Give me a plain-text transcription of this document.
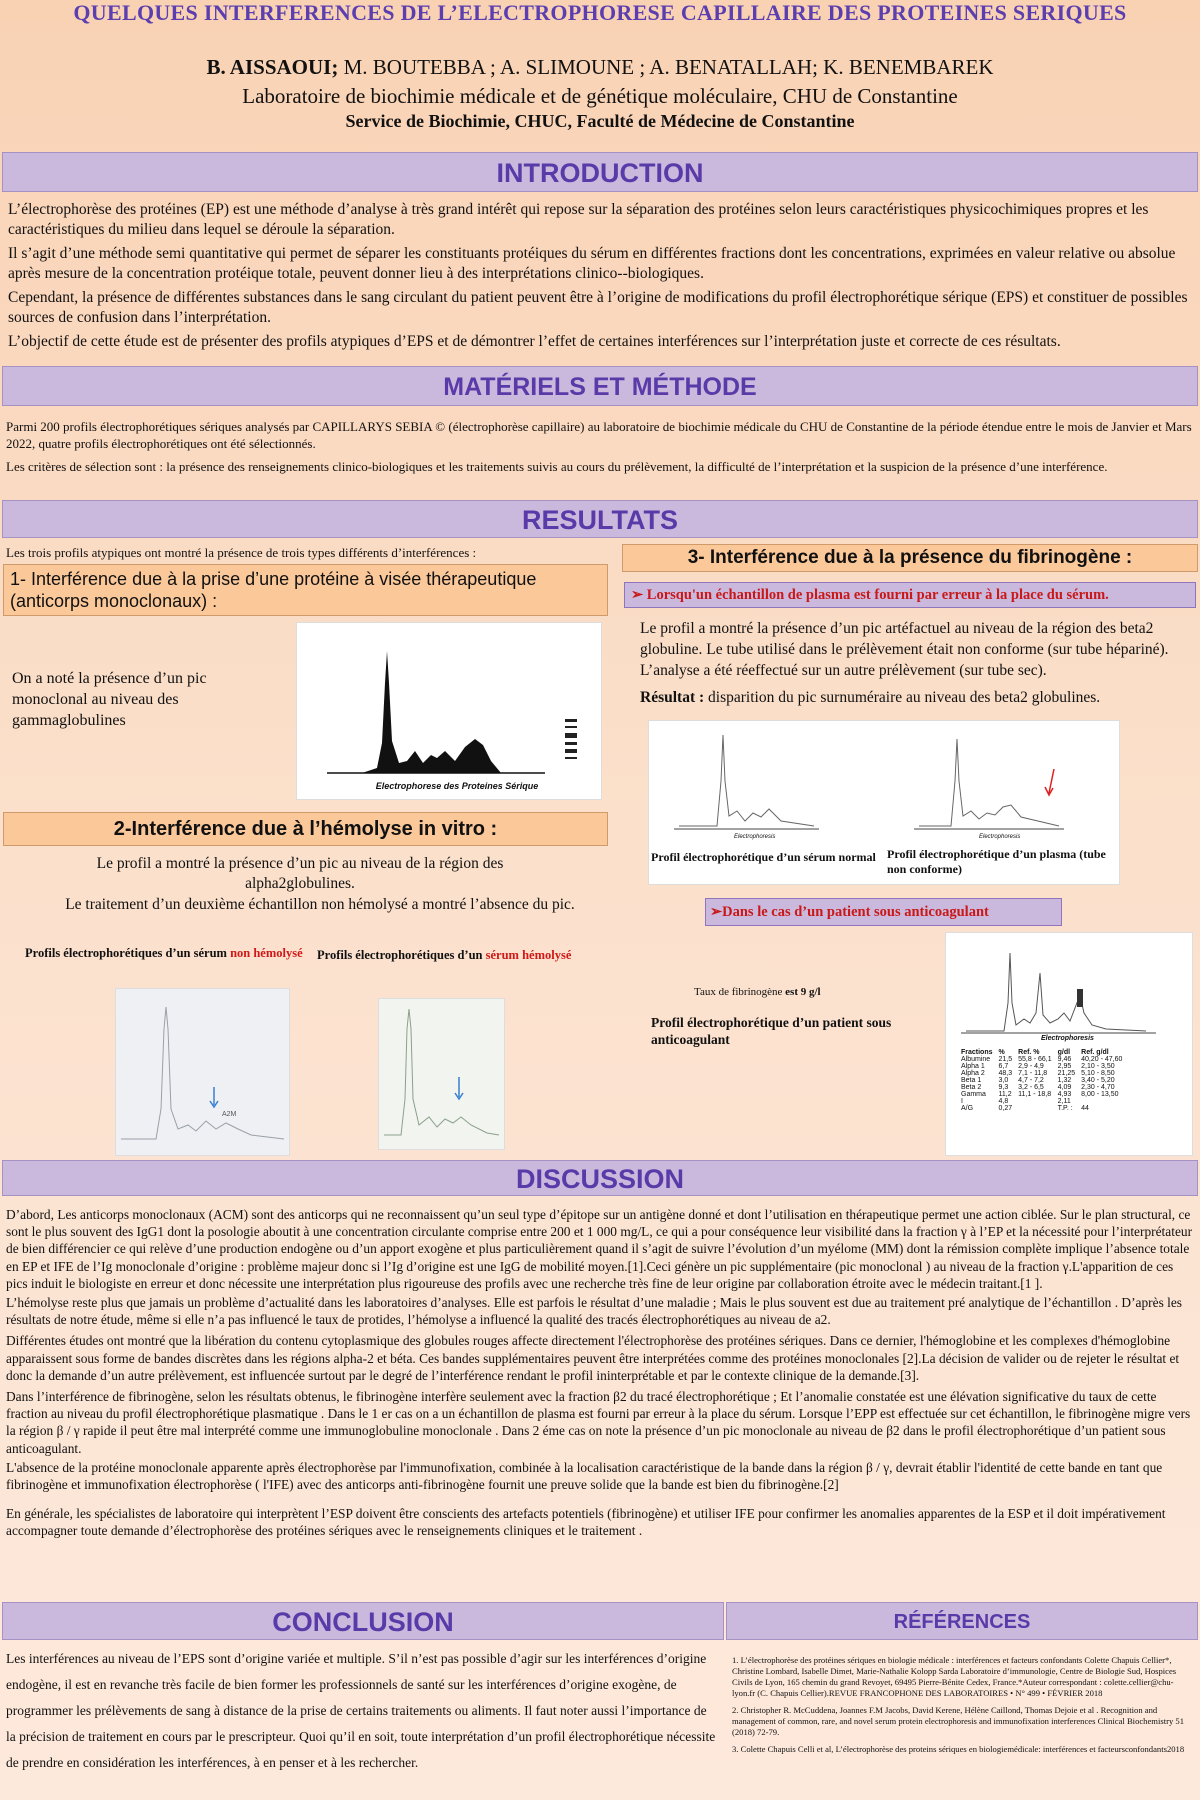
QUELQUES INTERFERENCES DE L’ELECTROPHORESE CAPILLAIRE DES PROTEINES SERIQUES
B. AISSAOUI; M. BOUTEBBA ; A. SLIMOUNE ; A. BENATALLAH; K. BENEMBAREK
Laboratoire de biochimie médicale et de génétique moléculaire, CHU de Constantine
Service de Biochimie, CHUC, Faculté de Médecine de Constantine
INTRODUCTION

L’électrophorèse des protéines (EP) est une méthode d’analyse à très grand intérêt qui repose sur la séparation des protéines selon leurs caractéristiques physicochimiques propres et les caractéristiques du milieu dans lequel se déroule la séparation.

Il s’agit d’une méthode semi quantitative qui permet de séparer les constituants protéiques du sérum en différentes fractions dont les concentrations, exprimées en valeur relative ou absolue après mesure de la concentration protéique totale, peuvent donner lieu à des interprétations clinico--biologiques.

Cependant, la présence de différentes substances dans le sang circulant du patient peuvent être à l’origine de modifications du profil électrophorétique sérique (EPS) et constituer de possibles sources de confusion dans l’interprétation.

L’objectif de cette étude est de présenter des profils atypiques d’EPS et de démontrer l’effet de certaines interférences sur l’interprétation juste et correcte de ces résultats.

MATÉRIELS ET MÉTHODE

Parmi 200 profils électrophorétiques sériques analysés par CAPILLARYS SEBIA © (électrophorèse capillaire) au laboratoire de biochimie médicale du CHU de Constantine de la période étendue entre le mois de Janvier et Mars 2022, quatre profils électrophorétiques ont été sélectionnés.

Les critères de sélection sont : la présence des renseignements clinico-biologiques et les traitements suivis au cours du prélèvement, la difficulté de l’interprétation et la suspicion de la présence d’une interférence.

RESULTATS
Les trois profils atypiques ont montré la présence de trois types différents d’interférences :
1- Interférence due à la prise d’une protéine à visée thérapeutique (anticorps monoclonaux) :
On a noté la présence d’un pic monoclonal au niveau des gammaglobulines
Electrophorese des Proteines Sérique
2-Interférence due à l’hémolyse in vitro :
Le profil a montré la présence d’un pic au niveau de la région des alpha2globulines.
Le traitement d’un deuxième échantillon non hémolysé a montré l’absence du pic.
Profils électrophorétiques d’un sérum non hémolysé Profils électrophorétiques d’un sérum hémolysé
A2M
3- Interférence due à la présence du fibrinogène :
➢ Lorsqu'un échantillon de plasma est fourni par erreur à la place du sérum.
Le profil a montré la présence d’un pic artéfactuel au niveau de la région des beta2 globuline. Le tube utilisé dans le prélèvement était non conforme (sur tube hépariné). L’analyse a été réeffectué sur un autre prélèvement (sur tube sec).
Résultat : disparition du pic surnuméraire au niveau des beta2 globulines.
Electrophoresis	Electrophoresis
Profil électrophorétique d’un sérum normal Profil électrophorétique d’un plasma (tube non conforme)
➢Dans le cas d’un patient sous anticoagulant
Taux de fibrinogène est 9 g/l
Profil électrophorétique d’un patient sous anticoagulant	Electrophoresis
Fractions	%	Ref. %	g/dl	Ref. g/dl
Albumine	21,5	55,8 - 66,1	9,46	40,20 - 47,60
Alpha 1	6,7	2,9 - 4,9	2,95	2,10 - 3,50
Alpha 2	48,3	7,1 - 11,8	21,25	5,10 - 8,50
Beta 1	3,0	4,7 - 7,2	1,32	3,40 - 5,20
Beta 2	9,3	3,2 - 6,5	4,09	2,30 - 4,70
Gamma	11,2	11,1 - 18,8	4,93	8,00 - 13,50
I	4,8		2,11	
A/G	0,27		T.P. :	44
DISCUSSION

D’abord, Les anticorps monoclonaux (ACM) sont des anticorps qui ne reconnaissent qu’un seul type d’épitope sur un antigène donné et dont l’utilisation en thérapeutique permet une action ciblée. Sur le plan structural, ce sont le plus souvent des IgG1 dont la posologie aboutit à une concentration circulante comprise entre 200 et 1 000 mg/L, ce qui a pour conséquence leur visibilité dans la fraction γ à l’EP et la nécessité pour l’interprétateur de bien différencier ce qui relève d’une production endogène ou d’un apport exogène et plus particulièrement quand il s’agit de suivre l’évolution d’un myélome (MM) dont la rémission complète implique l’absence totale en EP et IFE de l’Ig monoclonale d’origine : problème majeur donc si l’Ig d’origine est une IgG de mobilité moyen.[1].Ceci génère un pic supplémentaire (pic monoclonal ) au niveau de la fraction γ.L'apparition de ces pics induit le biologiste en erreur et donc nécessite une interprétation plus rigoureuse des profils avec une recherche très fine de leur origine par collaboration étroite avec le médecin traitant.[1 ].

L’hémolyse reste plus que jamais un problème d’actualité dans les laboratoires d’analyses. Elle est parfois le résultat d’une maladie ; Mais le plus souvent est due au traitement pré analytique de l’échantillon . D’après les résultats de notre étude, même si elle n’a pas influencé le taux de protides, l’hémolyse a influencé la qualité des tracés électrophorétiques au niveau de a2.

Différentes études ont montré que la libération du contenu cytoplasmique des globules rouges affecte directement l'électrophorèse des protéines sériques. Dans ce dernier, l'hémoglobine et les complexes d'hémoglobine apparaissent sous forme de bandes discrètes dans les régions alpha-2 et béta. Ces bandes supplémentaires peuvent être interprétées comme des protéines monoclonales [2].La décision de valider ou de rejeter le résultat et donc la demande d’un autre prélèvement, est influencée surtout par le degré de l’interférence rendant le profil ininterprétable et par le contexte clinique de la demande.[3].

Dans l’interférence de fibrinogène, selon les résultats obtenus, le fibrinogène interfère seulement avec la fraction β2 du tracé électrophorétique ; Et l’anomalie constatée est une élévation significative du taux de cette fraction au niveau du profil électrophorétique plasmatique . Dans le 1 er cas on a un échantillon de plasma est fourni par erreur à la place du sérum. Lorsque l’EPP est effectuée sur cet échantillon, le fibrinogène migre vers la région β / γ rapide il peut être mal interprété comme une immunoglobuline monoclonale . Dans 2 éme cas on note la présence d’un pic monoclonale au niveau de β2 dans le profil électrophorétique d’un patient sous anticoagulant.

L'absence de la protéine monoclonale apparente après électrophorèse par l'immunofixation, combinée à la localisation caractéristique de la bande dans la région β / γ, devrait établir l'identité de cette bande en tant que fibrinogène et immunofixation électrophorèse ( l'IFE) avec des anticorps anti-fibrinogène fournit une preuve solide que la bande est bien du fibrinogène.[2]

En générale, les spécialistes de laboratoire qui interprètent l’ESP doivent être conscients des artefacts potentiels (fibrinogène) et utiliser IFE pour confirmer les anomalies apparentes de la ESP et il doit impérativement accompagner toute demande d’électrophorèse des protéines sériques avec le renseignements cliniques et le traitement .

CONCLUSION
Les interférences au niveau de l’EPS sont d’origine variée et multiple. S’il n’est pas possible d’agir sur les interférences d’origine endogène, il est en revanche très facile de bien former les professionnels de santé sur les interférences d’origine exogène, de programmer les prélèvements de sang à distance de la prise de certains traitements ou aliments. Il faut noter aussi l’importance de la précision de traitement en cours par le prescripteur. Quoi qu’il en soit, toute interprétation d’un profil électrophorétique nécessite de prendre en considération les interférences, à en penser et à les rechercher.
RÉFÉRENCES

1. L’électrophorèse des protéines sériques en biologie médicale : interférences et facteurs confondants Colette Chapuis Cellier*, Christine Lombard, Isabelle Dimet, Marie-Nathalie Kolopp Sarda Laboratoire d’immunologie, Centre de Biologie Sud, Hospices Civils de Lyon, 165 chemin du grand Revoyet, 69495 Pierre-Bénite Cedex, France.*Auteur correspondant : colette.cellier@chu-lyon.fr (C. Chapuis Cellier).REVUE FRANCOPHONE DES LABORATOIRES • N° 499 • FÉVRIER 2018

2. Christopher R. McCuddena, Joannes F.M Jacobs, David Kerene, Hélène Caillond, Thomas Dejoie et al . Recognition and management of common, rare, and novel serum protein electrophoresis and immunofixation interferences Clinical Biochemistry 51 (2018) 72-79.

3. Colette Chapuis Celli et al, L’électrophorèse des proteins sériques en biologiemédicale: interférences et facteursconfondants2018
